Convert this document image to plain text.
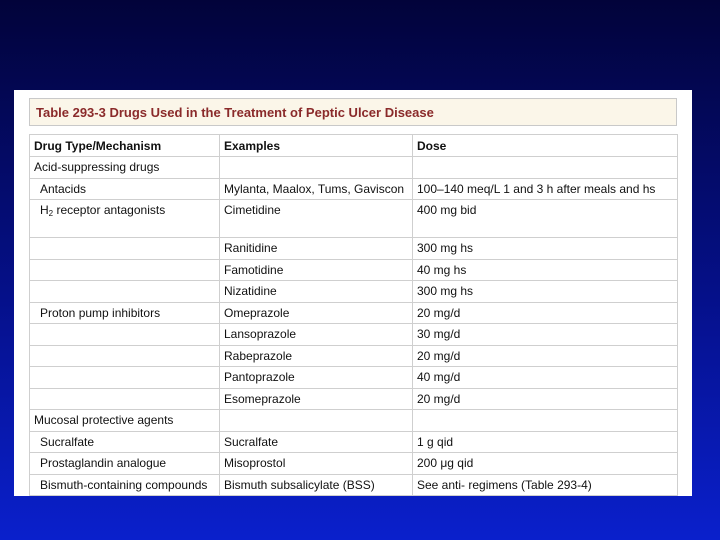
Table 293-3 Drugs Used in the Treatment of Peptic Ulcer Disease
Drug Type/Mechanism	Examples	Dose
Acid-suppressing drugs		
Antacids	Mylanta, Maalox, Tums, Gaviscon	100–140 meq/L 1 and 3 h after meals and hs
$H_2$ receptor antagonists	Cimetidine	400 mg bid
	Ranitidine	300 mg hs
	Famotidine	40 mg hs
	Nizatidine	300 mg hs
Proton pump inhibitors	Omeprazole	20 mg/d
	Lansoprazole	30 mg/d
	Rabeprazole	20 mg/d
	Pantoprazole	40 mg/d
	Esomeprazole	20 mg/d
Mucosal protective agents		
Sucralfate	Sucralfate	1 g qid
Prostaglandin analogue	Misoprostol	200 μg qid
Bismuth-containing compounds	Bismuth subsalicylate (BSS)	See anti- regimens (Table 293-4)
